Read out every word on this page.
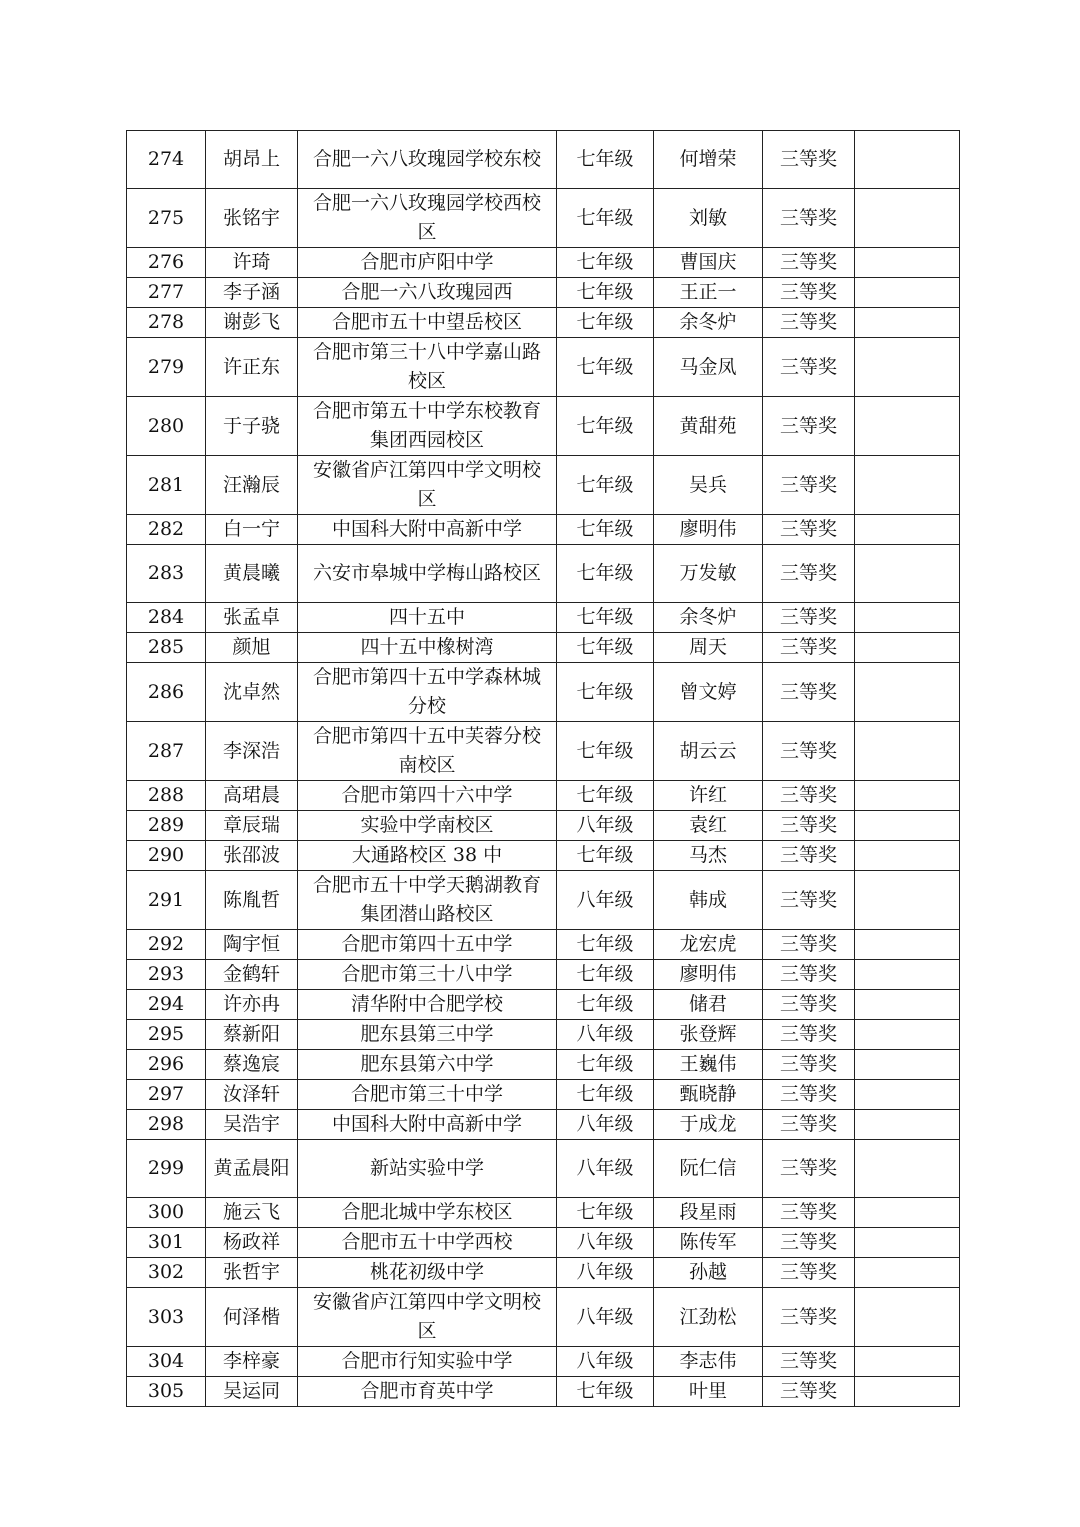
274	胡昂上	合肥一六八玫瑰园学校东校	七年级	何增荣	三等奖	
275	张铭宇	合肥一六八玫瑰园学校西校区	七年级	刘敏	三等奖	
276	许琦	合肥市庐阳中学	七年级	曹国庆	三等奖	
277	李子涵	合肥一六八玫瑰园西	七年级	王正一	三等奖	
278	谢彭飞	合肥市五十中望岳校区	七年级	余冬炉	三等奖	
279	许正东	合肥市第三十八中学嘉山路校区	七年级	马金凤	三等奖	
280	于子骁	合肥市第五十中学东校教育集团西园校区	七年级	黄甜苑	三等奖	
281	汪瀚辰	安徽省庐江第四中学文明校区	七年级	吴兵	三等奖	
282	白一宁	中国科大附中高新中学	七年级	廖明伟	三等奖	
283	黄晨曦	六安市皋城中学梅山路校区	七年级	万发敏	三等奖	
284	张孟卓	四十五中	七年级	余冬炉	三等奖	
285	颜旭	四十五中橡树湾	七年级	周天	三等奖	
286	沈卓然	合肥市第四十五中学森林城分校	七年级	曾文婷	三等奖	
287	李深浩	合肥市第四十五中芙蓉分校南校区	七年级	胡云云	三等奖	
288	高珺晨	合肥市第四十六中学	七年级	许红	三等奖	
289	章辰瑞	实验中学南校区	八年级	袁红	三等奖	
290	张邵波	大通路校区 38 中	七年级	马杰	三等奖	
291	陈胤哲	合肥市五十中学天鹅湖教育集团潜山路校区	八年级	韩成	三等奖	
292	陶宇恒	合肥市第四十五中学	七年级	龙宏虎	三等奖	
293	金鹤轩	合肥市第三十八中学	七年级	廖明伟	三等奖	
294	许亦冉	清华附中合肥学校	七年级	储君	三等奖	
295	蔡新阳	肥东县第三中学	八年级	张登辉	三等奖	
296	蔡逸宸	肥东县第六中学	七年级	王巍伟	三等奖	
297	汝泽轩	合肥市第三十中学	七年级	甄晓静	三等奖	
298	吴浩宇	中国科大附中高新中学	八年级	于成龙	三等奖	
299	黄孟晨阳	新站实验中学	八年级	阮仁信	三等奖	
300	施云飞	合肥北城中学东校区	七年级	段星雨	三等奖	
301	杨政祥	合肥市五十中学西校	八年级	陈传军	三等奖	
302	张哲宇	桃花初级中学	八年级	孙越	三等奖	
303	何泽楷	安徽省庐江第四中学文明校区	八年级	江劲松	三等奖	
304	李梓豪	合肥市行知实验中学	八年级	李志伟	三等奖	
305	吴运同	合肥市育英中学	七年级	叶里	三等奖	
